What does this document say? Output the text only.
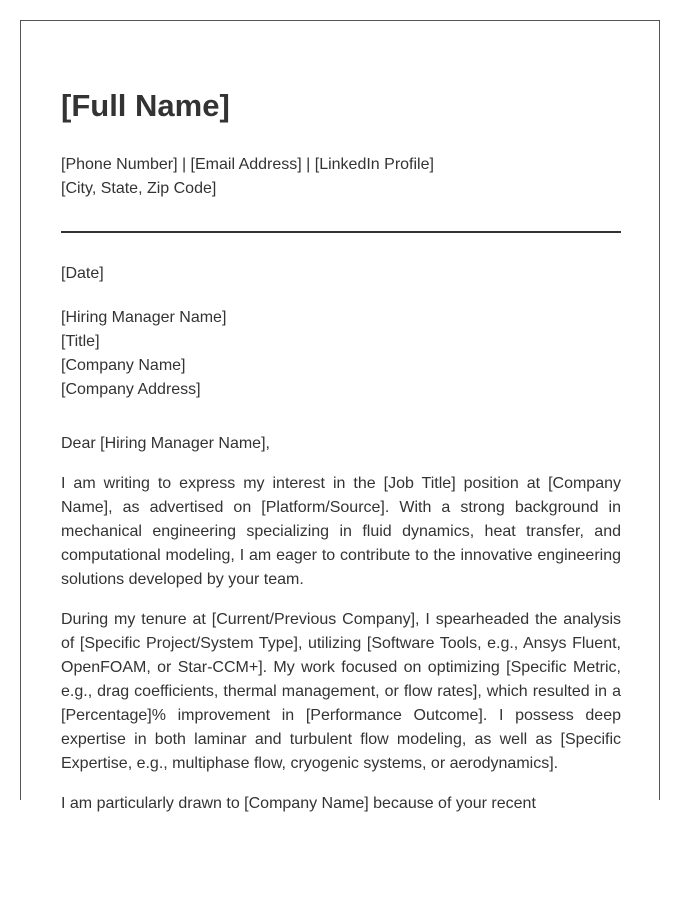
[Full Name]
[Phone Number] | [Email Address] | [LinkedIn Profile]
[City, State, Zip Code]
[Date]
[Hiring Manager Name]
[Title]
[Company Name]
[Company Address]
Dear [Hiring Manager Name],

I am writing to express my interest in the [Job Title] position at [Company Name], as advertised on [Platform/Source]. With a strong background in mechanical engineering specializing in fluid dynamics, heat transfer, and computational modeling, I am eager to contribute to the innovative engineering solutions developed by your team.

During my tenure at [Current/Previous Company], I spearheaded the analysis of [Specific Project/System Type], utilizing [Software Tools, e.g., Ansys Fluent, OpenFOAM, or Star-CCM+]. My work focused on optimizing [Specific Metric, e.g., drag coefficients, thermal management, or flow rates], which resulted in a [Percentage]% improvement in [Performance Outcome]. I possess deep expertise in both laminar and turbulent flow modeling, as well as [Specific Expertise, e.g., multiphase flow, cryogenic systems, or aerodynamics].

I am particularly drawn to [Company Name] because of your recent
